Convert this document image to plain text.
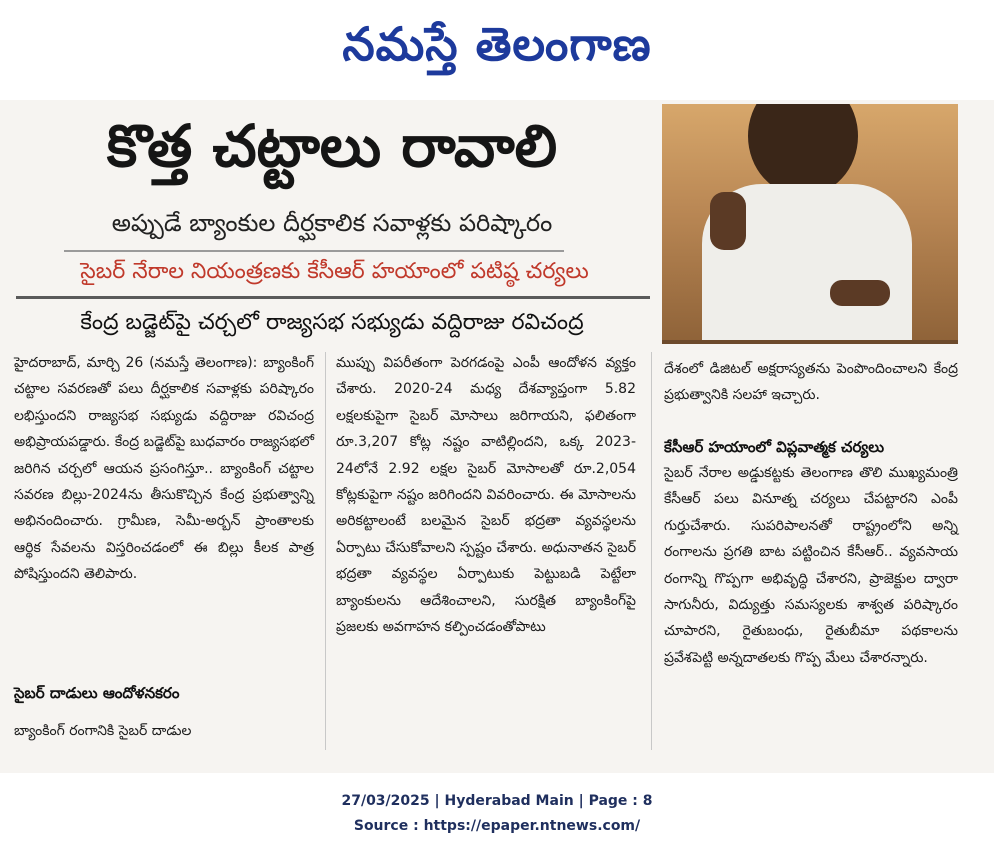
నమస్తే తెలంగాణ
కొత్త చట్టాలు రావాలి
అప్పుడే బ్యాంకుల దీర్ఘకాలిక సవాళ్లకు పరిష్కారం
సైబర్ నేరాల నియంత్రణకు కేసీఆర్ హయాంలో పటిష్ఠ చర్యలు
కేంద్ర బడ్జెట్‌పై చర్చలో రాజ్యసభ సభ్యుడు వద్దిరాజు రవిచంద్ర

హైదరాబాద్, మార్చి 26 (నమస్తే తెలంగాణ): బ్యాంకింగ్ చట్టాల సవరణతో పలు దీర్ఘకాలిక సవాళ్లకు పరిష్కారం లభిస్తుందని రాజ్యసభ సభ్యుడు వద్దిరాజు రవిచంద్ర అభిప్రాయపడ్డారు. కేంద్ర బడ్జెట్‌పై బుధవారం రాజ్యసభలో జరిగిన చర్చలో ఆయన ప్రసంగిస్తూ.. బ్యాంకింగ్ చట్టాల సవరణ బిల్లు-2024ను తీసుకొచ్చిన కేంద్ర ప్రభుత్వాన్ని అభినందించారు. గ్రామీణ, సెమీ-అర్బన్ ప్రాంతాలకు ఆర్థిక సేవలను విస్తరించడంలో ఈ బిల్లు కీలక పాత్ర పోషిస్తుందని తెలిపారు.

సైబర్ దాడులు ఆందోళనకరం
బ్యాంకింగ్ రంగానికి సైబర్ దాడుల

ముప్పు విపరీతంగా పెరగడంపై ఎంపీ ఆందోళన వ్యక్తం చేశారు. 2020-24 మధ్య దేశవ్యాప్తంగా 5.82 లక్షలకుపైగా సైబర్ మోసాలు జరిగాయని, ఫలితంగా రూ.3,207 కోట్ల నష్టం వాటిల్లిందని, ఒక్క 2023-24లోనే 2.92 లక్షల సైబర్ మోసాలతో రూ.2,054 కోట్లకుపైగా నష్టం జరిగిందని వివరించారు. ఈ మోసాలను అరికట్టాలంటే బలమైన సైబర్ భద్రతా వ్యవస్థలను ఏర్పాటు చేసుకోవాలని స్పష్టం చేశారు. అధునాతన సైబర్ భద్రతా వ్యవస్థల ఏర్పాటుకు పెట్టుబడి పెట్టేలా బ్యాంకులను ఆదేశించాలని, సురక్షిత బ్యాంకింగ్‌పై ప్రజలకు అవగాహన కల్పించడంతోపాటు

దేశంలో డిజిటల్ అక్షరాస్యతను పెంపొందించాలని కేంద్ర ప్రభుత్వానికి సలహా ఇచ్చారు.

కేసీఆర్ హయాంలో విప్లవాత్మక చర్యలు

సైబర్ నేరాల అడ్డుకట్టకు తెలంగాణ తొలి ముఖ్యమంత్రి కేసీఆర్ పలు వినూత్న చర్యలు చేపట్టారని ఎంపీ గుర్తుచేశారు. సుపరిపాలనతో రాష్ట్రంలోని అన్ని రంగాలను ప్రగతి బాట పట్టించిన కేసీఆర్.. వ్యవసాయ రంగాన్ని గొప్పగా అభివృద్ధి చేశారని, ప్రాజెక్టుల ద్వారా సాగునీరు, విద్యుత్తు సమస్యలకు శాశ్వత పరిష్కారం చూపారని, రైతుబంధు, రైతుబీమా పథకాలను ప్రవేశపెట్టి అన్నదాతలకు గొప్ప మేలు చేశారన్నారు.

27/03/2025 | Hyderabad Main | Page : 8
Source : https://epaper.ntnews.com/
